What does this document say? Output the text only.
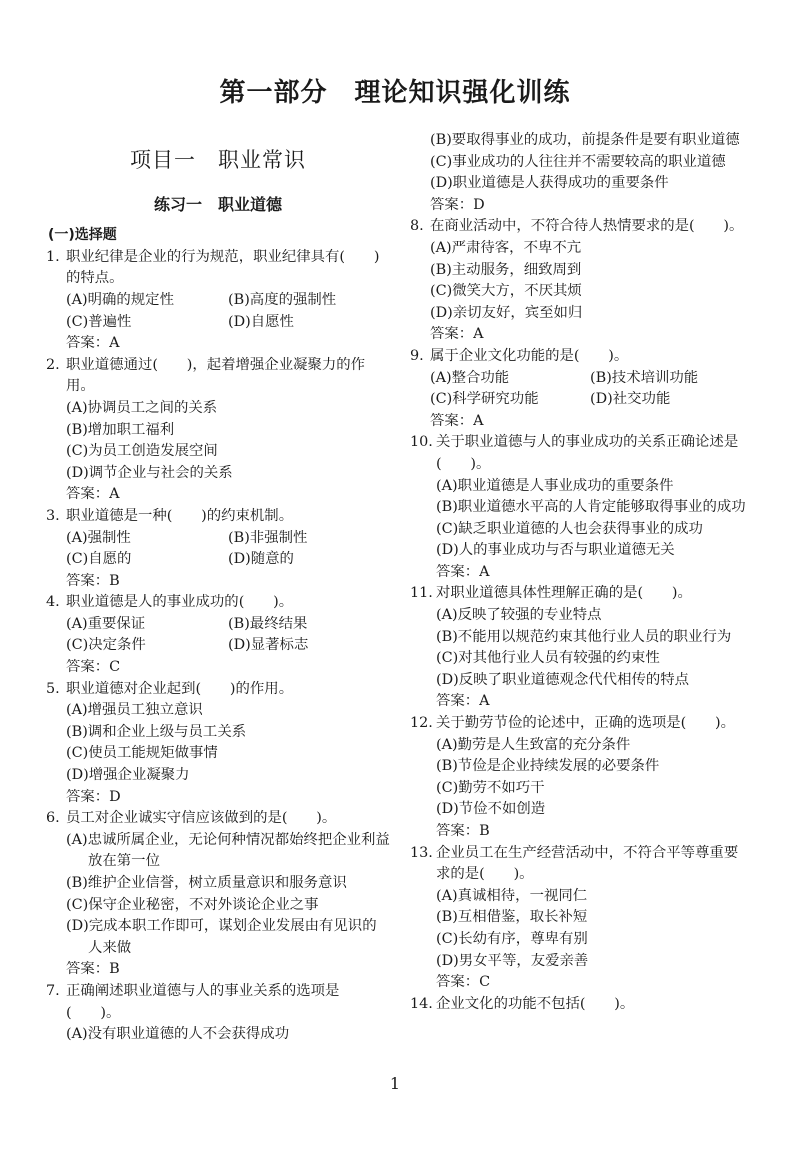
第一部分　理论知识强化训练
项目一　职业常识
练习一　职业道德
(一)选择题

1. 职业纪律是企业的行为规范，职业纪律具有(　　)的特点。

(A)明确的规定性	(B)高度的强制性
(C)普遍性	(D)自愿性

答案：A

2. 职业道德通过(　　)，起着增强企业凝聚力的作用。

(A)协调员工之间的关系

(B)增加职工福利

(C)为员工创造发展空间

(D)调节企业与社会的关系

答案：A

3. 职业道德是一种(　　)的约束机制。

(A)强制性	(B)非强制性
(C)自愿的	(D)随意的

答案：B

4. 职业道德是人的事业成功的(　　)。

(A)重要保证	(B)最终结果
(C)决定条件	(D)显著标志

答案：C

5. 职业道德对企业起到(　　)的作用。

(A)增强员工独立意识

(B)调和企业上级与员工关系

(C)使员工能规矩做事情

(D)增强企业凝聚力

答案：D

6. 员工对企业诚实守信应该做到的是(　　)。

(A)忠诚所属企业，无论何种情况都始终把企业利益放在第一位

(B)维护企业信誉，树立质量意识和服务意识

(C)保守企业秘密，不对外谈论企业之事

(D)完成本职工作即可，谋划企业发展由有见识的人来做

答案：B

7. 正确阐述职业道德与人的事业关系的选项是(　　)。

(A)没有职业道德的人不会获得成功

(B)要取得事业的成功，前提条件是要有职业道德

(C)事业成功的人往往并不需要较高的职业道德

(D)职业道德是人获得成功的重要条件

答案：D

8. 在商业活动中，不符合待人热情要求的是(　　)。

(A)严肃待客，不卑不亢

(B)主动服务，细致周到

(C)微笑大方，不厌其烦

(D)亲切友好，宾至如归

答案：A

9. 属于企业文化功能的是(　　)。

(A)整合功能	(B)技术培训功能
(C)科学研究功能	(D)社交功能

答案：A

10. 关于职业道德与人的事业成功的关系正确论述是(　　)。

(A)职业道德是人事业成功的重要条件

(B)职业道德水平高的人肯定能够取得事业的成功

(C)缺乏职业道德的人也会获得事业的成功

(D)人的事业成功与否与职业道德无关

答案：A

11. 对职业道德具体性理解正确的是(　　)。

(A)反映了较强的专业特点

(B)不能用以规范约束其他行业人员的职业行为

(C)对其他行业人员有较强的约束性

(D)反映了职业道德观念代代相传的特点

答案：A

12. 关于勤劳节俭的论述中，正确的选项是(　　)。

(A)勤劳是人生致富的充分条件

(B)节俭是企业持续发展的必要条件

(C)勤劳不如巧干

(D)节俭不如创造

答案：B

13. 企业员工在生产经营活动中，不符合平等尊重要求的是(　　)。

(A)真诚相待，一视同仁

(B)互相借鉴，取长补短

(C)长幼有序，尊卑有别

(D)男女平等，友爱亲善

答案：C

14. 企业文化的功能不包括(　　)。

1
